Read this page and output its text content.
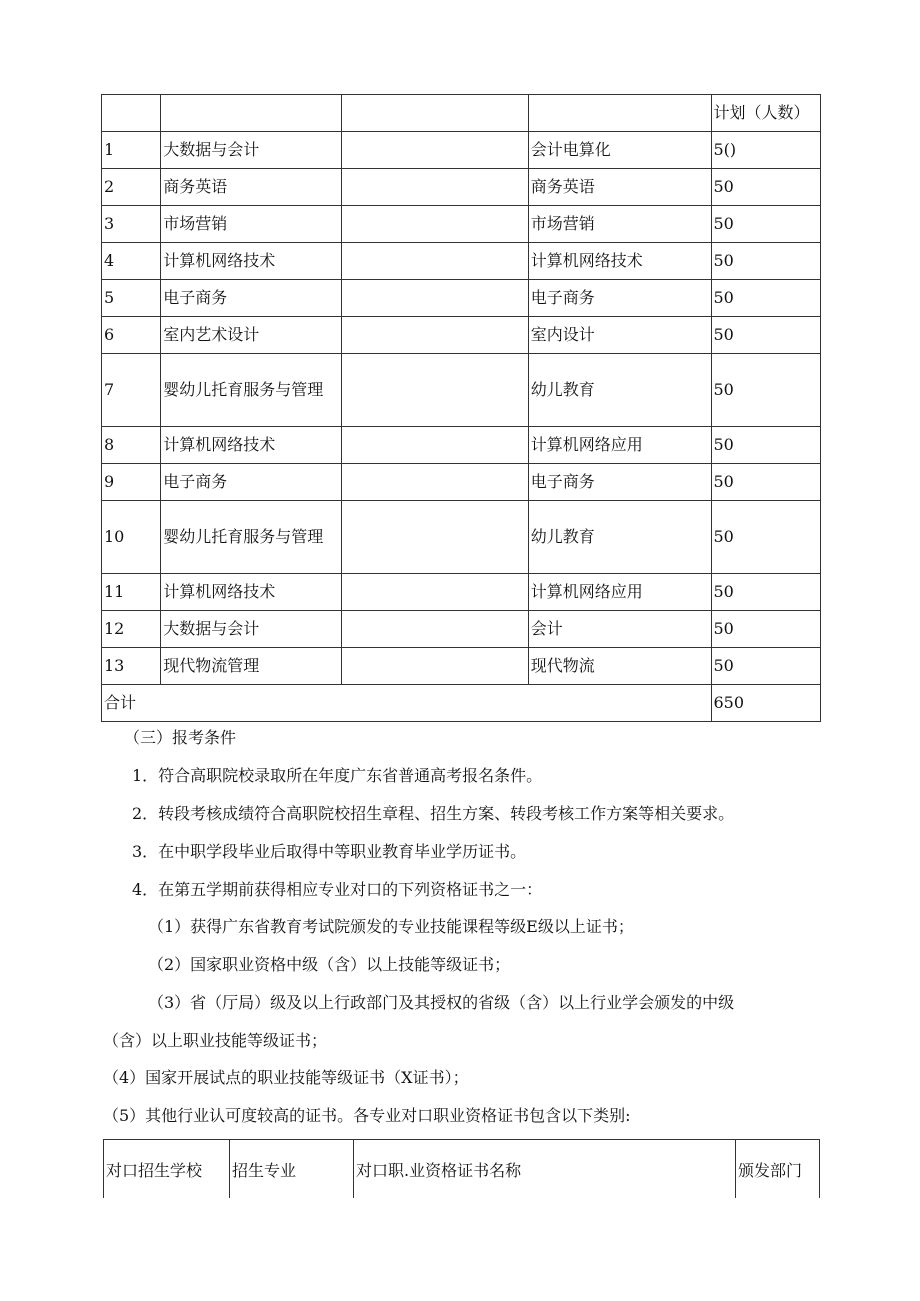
				计划（人数）
1	大数据与会计		会计电算化	5()
2	商务英语		商务英语	50
3	市场营销		市场营销	50
4	计算机网络技术		计算机网络技术	50
5	电子商务		电子商务	50
6	室内艺术设计		室内设计	50
7	婴幼儿托育服务与管理		幼儿教育	50
8	计算机网络技术		计算机网络应用	50
9	电子商务		电子商务	50
10	婴幼儿托育服务与管理		幼儿教育	50
11	计算机网络技术		计算机网络应用	50
12	大数据与会计		会计	50
13	现代物流管理		现代物流	50
合计				650

（三）报考条件

1．符合高职院校录取所在年度广东省普通高考报名条件。

2．转段考核成绩符合高职院校招生章程、招生方案、转段考核工作方案等相关要求。

3．在中职学段毕业后取得中等职业教育毕业学历证书。

4．在第五学期前获得相应专业对口的下列资格证书之一：

（1）获得广东省教育考试院颁发的专业技能课程等级E级以上证书；

（2）国家职业资格中级（含）以上技能等级证书；

（3）省（厅局）级及以上行政部门及其授权的省级（含）以上行业学会颁发的中级

（含）以上职业技能等级证书；

（4）国家开展试点的职业技能等级证书（X证书）；

（5）其他行业认可度较高的证书。各专业对口职业资格证书包含以下类别:

对口招生学校	招生专业	对口职.业资格证书名称	颁发部门
